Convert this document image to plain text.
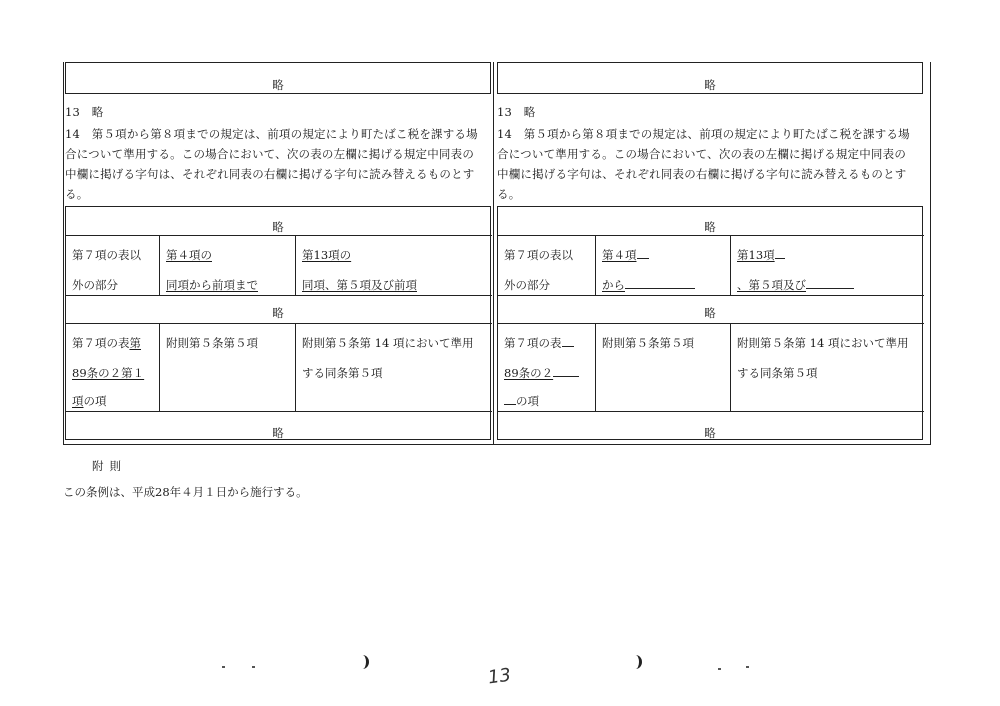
略
13　略
14　第５項から第８項までの規定は、前項の規定により町たばこ税を課する場
合について準用する。この場合において、次の表の左欄に掲げる規定中同表の
中欄に掲げる字句は、それぞれ同表の右欄に掲げる字句に読み替えるものとす
る。
略
第７項の表以
外の部分
第４項の
同項から前項まで
第13項の
同項、第５項及び前項
略
第７項の表第
89条の２第１
項の項
附則第５条第５項	附則第５条第 14 項において準用
する同条第５項
略
略
13　略
14　第５項から第８項までの規定は、前項の規定により町たばこ税を課する場
合について準用する。この場合において、次の表の左欄に掲げる規定中同表の
中欄に掲げる字句は、それぞれ同表の右欄に掲げる字句に読み替えるものとす
る。
略
第７項の表以
外の部分
第４項
から
第13項
、第５項及び
略
第７項の表
89条の２
の項
附則第５条第５項	附則第５条第 14 項において準用
する同条第５項
略
附則
この条例は、平成28年４月１日から施行する。
13
